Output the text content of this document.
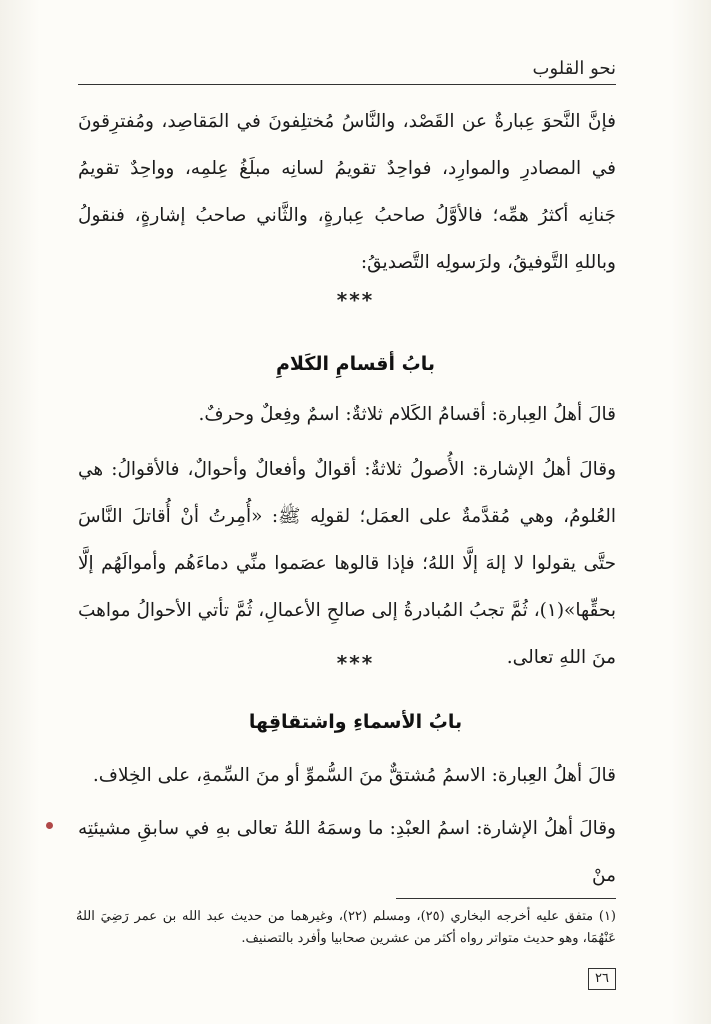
نحو القلوب

فإنَّ النَّحوَ عِبارةٌ عن القَصْد، والنَّاسُ مُختلِفونَ في المَقاصِد، ومُفترِقونَ في المصادرِ والموارِد، فواحِدٌ تقويمُ لسانِه مبلَغُ عِلمِه، وواحِدٌ تقويمُ جَنانِه أكثرُ همِّه؛ فالأوَّلُ صاحبُ عِبارةٍ، والثَّاني صاحبُ إشارةٍ، فنقولُ وباللهِ التَّوفيقُ، ولرَسولِه التَّصديقُ:

***
بابُ أقسامِ الكَلامِ

قالَ أهلُ العِبارة: أقسامُ الكَلام ثلاثةٌ: اسمٌ وفِعلٌ وحرفٌ.

وقالَ أهلُ الإشارة: الأُصولُ ثلاثةٌ: أقوالٌ وأفعالٌ وأحوالٌ، فالأقوالُ: هي العُلومُ، وهي مُقدَّمةٌ على العمَل؛ لقولِه ﷺ: «أُمِرتُ أنْ أُقاتلَ النَّاسَ حتَّى يقولوا لا إلهَ إلَّا اللهُ؛ فإذا قالوها عصَموا منِّي دماءَهُم وأموالَهُم إلَّا بحقِّها»(١)، ثُمَّ تجبُ المُبادرةُ إلى صالحِ الأعمالِ، ثُمَّ تأتي الأحوالُ مواهبَ منَ اللهِ تعالى.

***
بابُ الأسماءِ واشتقاقِها

قالَ أهلُ العِبارة: الاسمُ مُشتقٌّ منَ السُّموِّ أو منَ السِّمةِ، على الخِلاف.

وقالَ أهلُ الإشارة: اسمُ العبْدِ: ما وسمَهُ اللهُ تعالى بهِ في سابقِ مشيئتِه منْ

(١) متفق عليه أخرجه البخاري (٢٥)، ومسلم (٢٢)، وغيرهما من حديث عبد الله بن عمر رَضِيَ اللهُ عَنْهُمَا، وهو حديث متواتر رواه أكثر من عشرين صحابيا وأفرد بالتصنيف.

٢٦
